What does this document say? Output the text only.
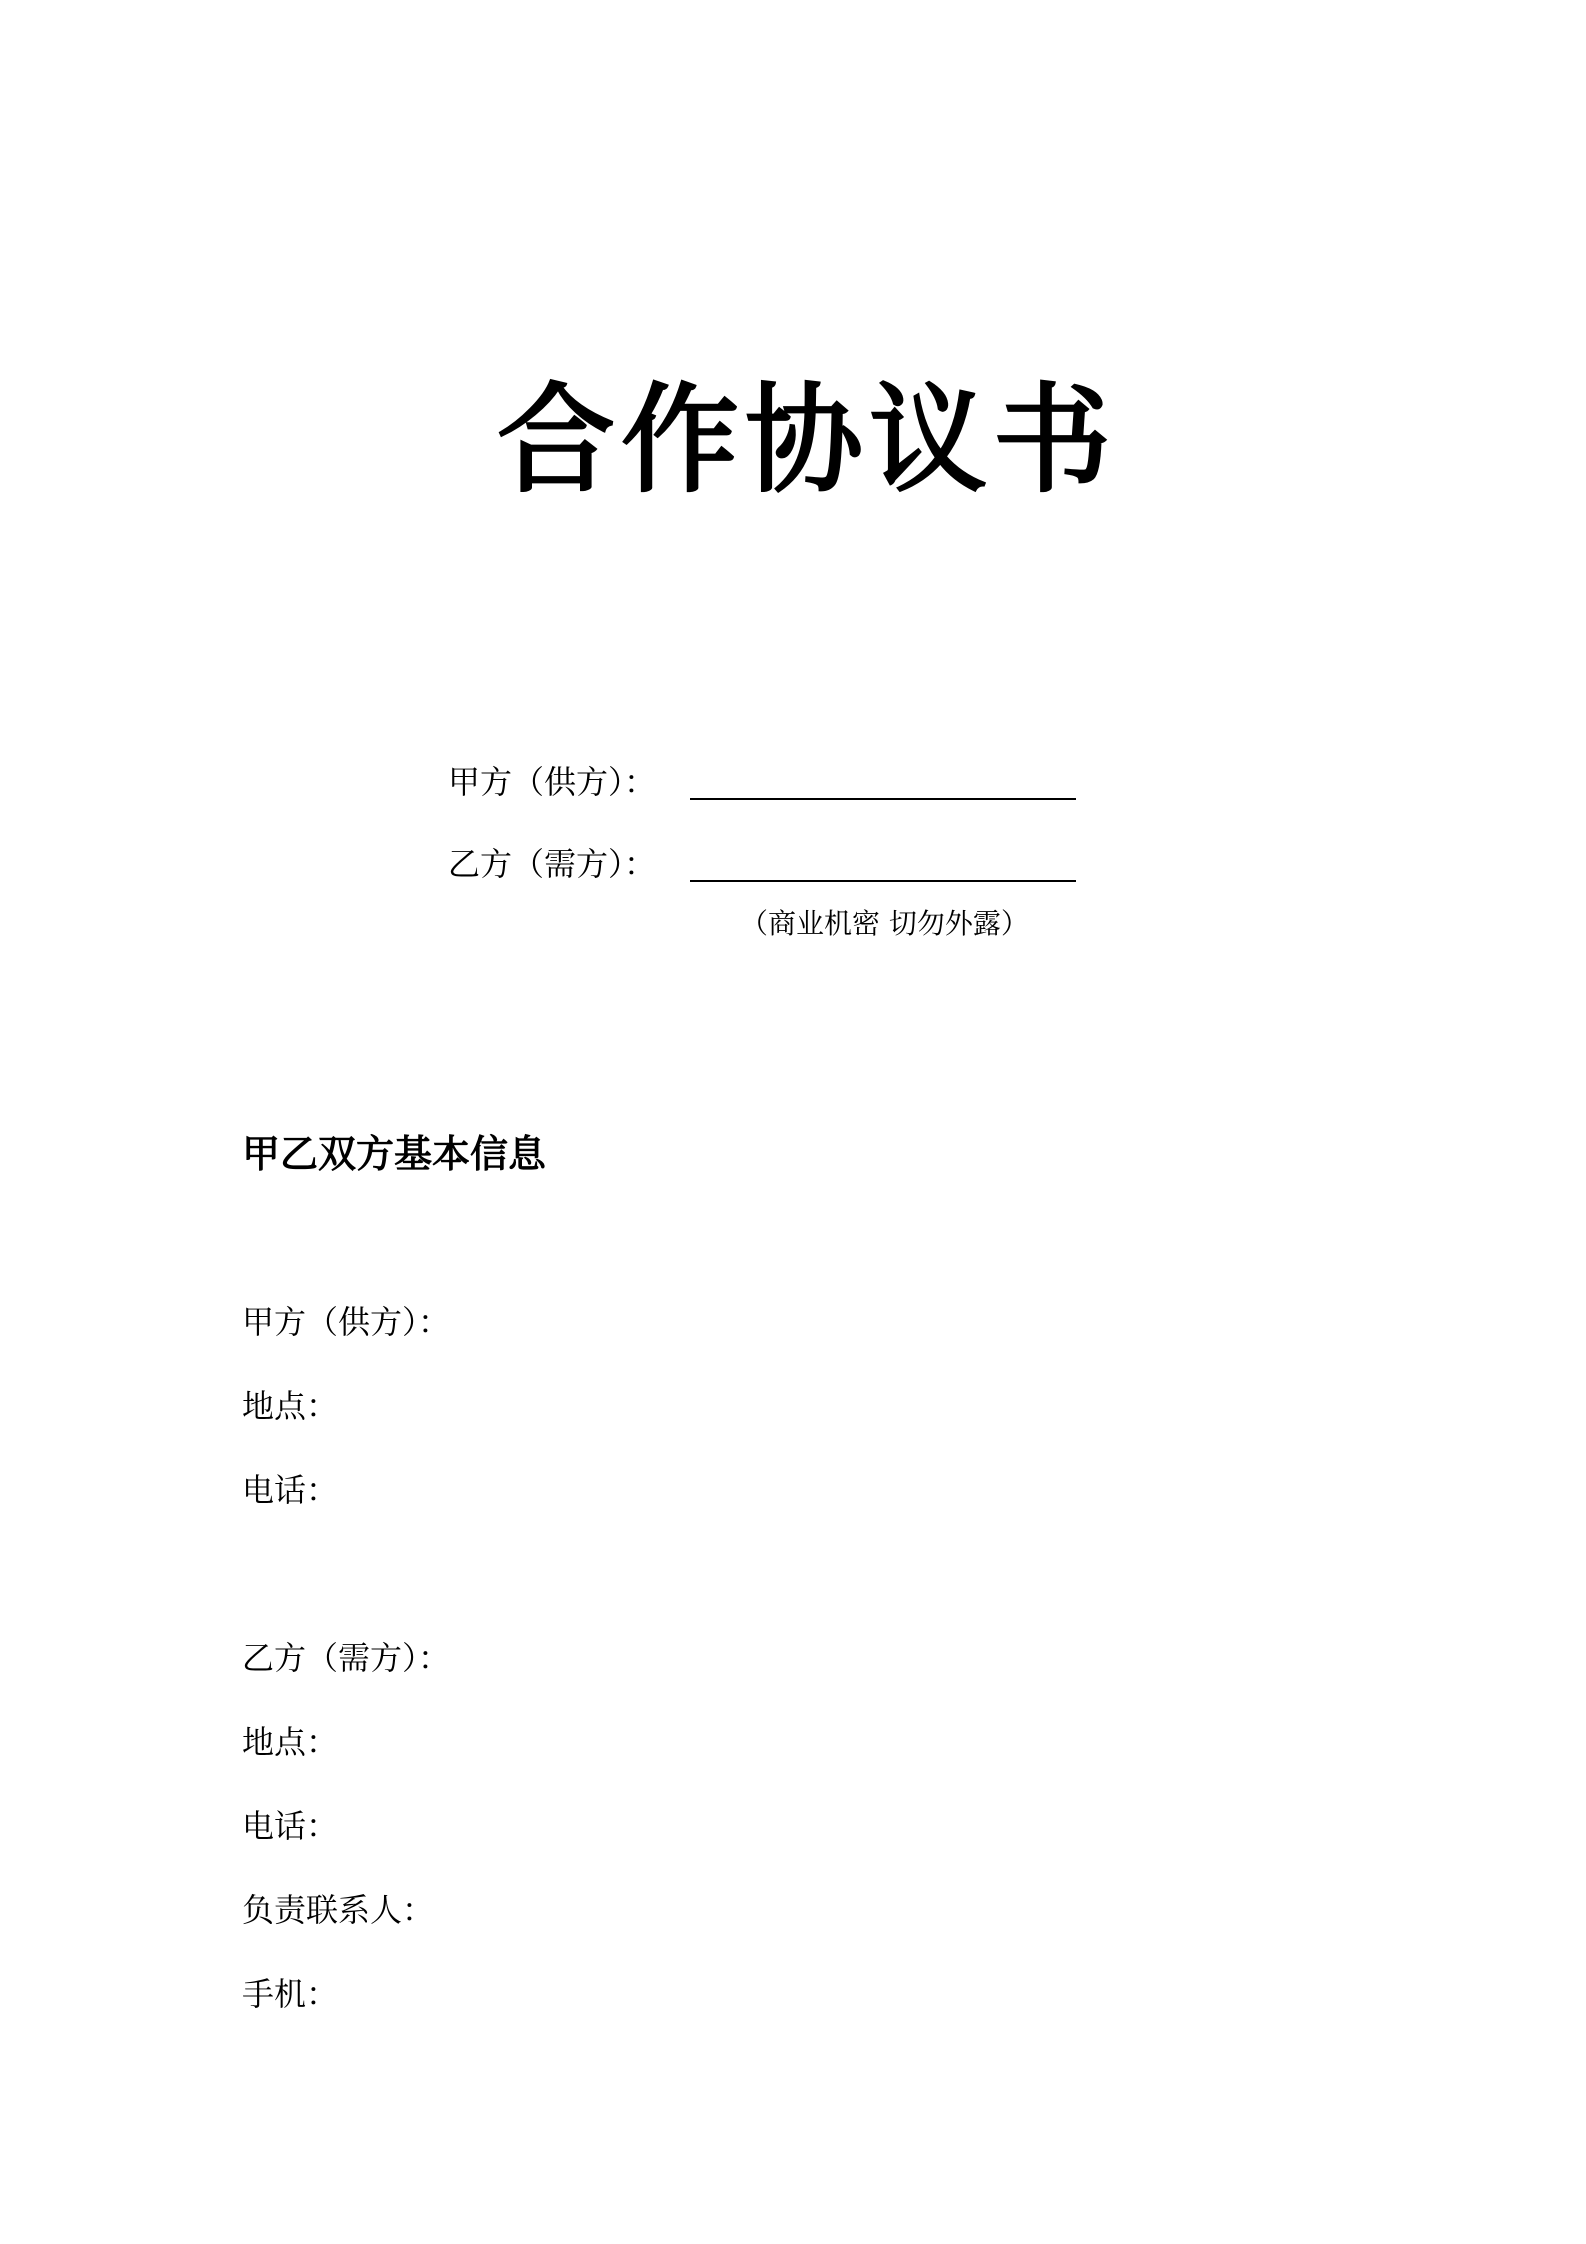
合作协议书
甲方（供方）：
乙方（需方）：
（商业机密 切勿外露）
甲乙双方基本信息
甲方（供方）：
地点：
电话：
乙方（需方）：
地点：
电话：
负责联系人：
手机：
